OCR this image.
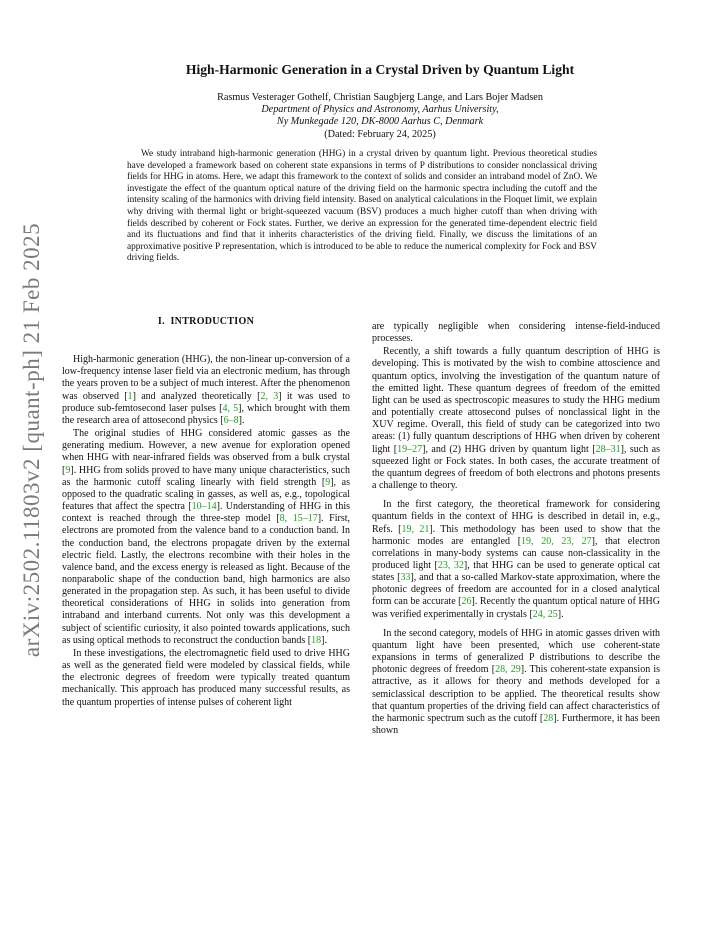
arXiv:2502.11803v2 [quant-ph] 21 Feb 2025
High-Harmonic Generation in a Crystal Driven by Quantum Light
Rasmus Vesterager Gothelf, Christian Saugbjerg Lange, and Lars Bojer Madsen
Department of Physics and Astronomy, Aarhus University,
Ny Munkegade 120, DK-8000 Aarhus C, Denmark
(Dated: February 24, 2025)

We study intraband high-harmonic generation (HHG) in a crystal driven by quantum light. Previous theoretical studies have developed a framework based on coherent state expansions in terms of P distributions to consider nonclassical driving fields for HHG in atoms. Here, we adapt this framework to the context of solids and consider an intraband model of ZnO. We investigate the effect of the quantum optical nature of the driving field on the harmonic spectra including the cutoff and the intensity scaling of the harmonics with driving field intensity. Based on analytical calculations in the Floquet limit, we explain why driving with thermal light or bright-squeezed vacuum (BSV) produces a much higher cutoff than when driving with fields described by coherent or Fock states. Further, we derive an expression for the generated time-dependent electric field and its fluctuations and find that it inherits characteristics of the driving field. Finally, we discuss the limitations of an approximative positive P representation, which is introduced to be able to reduce the numerical complexity for Fock and BSV driving fields.

I. INTRODUCTION

High-harmonic generation (HHG), the non-linear up-conversion of a low-frequency intense laser field via an electronic medium, has through the years proven to be a subject of much interest. After the phenomenon was observed [1] and analyzed theoretically [2, 3] it was used to produce sub-femtosecond laser pulses [4, 5], which brought with them the research area of attosecond physics [6–8].

The original studies of HHG considered atomic gasses as the generating medium. However, a new avenue for exploration opened when HHG with near-infrared fields was observed from a bulk crystal [9]. HHG from solids proved to have many unique characteristics, such as the harmonic cutoff scaling linearly with field strength [9], as opposed to the quadratic scaling in gasses, as well as, e.g., topological features that affect the spectra [10–14]. Understanding of HHG in this context is reached through the three-step model [8, 15–17]. First, electrons are promoted from the valence band to a conduction band. In the conduction band, the electrons propagate driven by the external electric field. Lastly, the electrons recombine with their holes in the valence band, and the excess energy is released as light. Because of the nonparabolic shape of the conduction band, high harmonics are also generated in the propagation step. As such, it has been useful to divide theoretical considerations of HHG in solids into generation from intraband and interband currents. Not only was this development a subject of scientific curiosity, it also pointed towards applications, such as using optical methods to reconstruct the conduction bands [18].

In these investigations, the electromagnetic field used to drive HHG as well as the generated field were modeled by classical fields, while the electronic degrees of freedom were typically treated quantum mechanically. This approach has produced many successful results, as the quantum properties of intense pulses of coherent light

are typically negligible when considering intense-field-induced processes.

Recently, a shift towards a fully quantum description of HHG is developing. This is motivated by the wish to combine attoscience and quantum optics, involving the investigation of the quantum nature of the emitted light. These quantum degrees of freedom of the emitted light can be used as spectroscopic measures to study the HHG medium and potentially create attosecond pulses of nonclassical light in the XUV regime. Overall, this field of study can be categorized into two areas: (1) fully quantum descriptions of HHG when driven by coherent light [19–27], and (2) HHG driven by quantum light [28–31], such as squeezed light or Fock states. In both cases, the accurate treatment of the quantum degrees of freedom of both electrons and photons presents a challenge to theory.

In the first category, the theoretical framework for considering quantum fields in the context of HHG is described in detail in, e.g., Refs. [19, 21]. This methodology has been used to show that the harmonic modes are entangled [19, 20, 23, 27], that electron correlations in many-body systems can cause non-classicality in the produced light [23, 32], that HHG can be used to generate optical cat states [33], and that a so-called Markov-state approximation, where the photonic degrees of freedom are accounted for in a closed analytical form can be accurate [26]. Recently the quantum optical nature of HHG was verified experimentally in crystals [24, 25].

In the second category, models of HHG in atomic gasses driven with quantum light have been presented, which use coherent-state expansions in terms of generalized P distributions to describe the photonic degrees of freedom [28, 29]. This coherent-state expansion is attractive, as it allows for theory and methods developed for a semiclassical description to be applied. The theoretical results show that quantum properties of the driving field can affect characteristics of the harmonic spectrum such as the cutoff [28]. Furthermore, it has been shown
